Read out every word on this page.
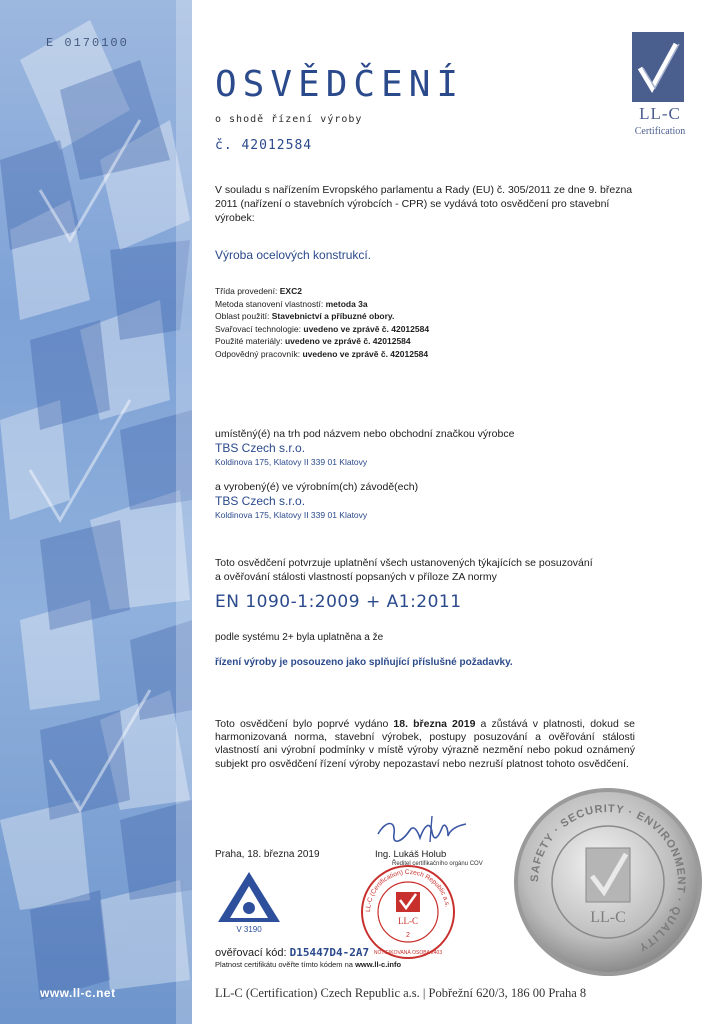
E 0170100
www.ll-c.net
LL-C
Certification
OSVĚDČENÍ
o shodě řízení výroby
č. 42012584
V souladu s nařízením Evropského parlamentu a Rady (EU) č. 305/2011 ze dne 9. března 2011 (nařízení o stavebních výrobcích - CPR) se vydává toto osvědčení pro stavební výrobek:
Výroba ocelových konstrukcí.
Třída provedení: EXC2
Metoda stanovení vlastností: metoda 3a
Oblast použití: Stavebnictví a příbuzné obory.
Svařovací technologie: uvedeno ve zprávě č. 42012584
Použité materiály: uvedeno ve zprávě č. 42012584
Odpovědný pracovník: uvedeno ve zprávě č. 42012584
umístěný(é) na trh pod názvem nebo obchodní značkou výrobce
TBS Czech s.r.o.
Koldinova 175, Klatovy II 339 01 Klatovy
a vyrobený(é) ve výrobním(ch) závodě(ech)
TBS Czech s.r.o.
Koldinova 175, Klatovy II 339 01 Klatovy
Toto osvědčení potvrzuje uplatnění všech ustanovených týkajících se posuzování
a ověřování stálosti vlastností popsaných v příloze ZA normy
EN 1090-1:2009 + A1:2011
podle systému 2+ byla uplatněna a že
řízení výroby je posouzeno jako splňující příslušné požadavky.
Toto osvědčení bylo poprvé vydáno 18. března 2019 a zůstává v platnosti, dokud se harmonizovaná norma, stavební výrobek, postupy posuzování a ověřování stálosti vlastností ani výrobní podmínky v místě výroby výrazně nezmění nebo pokud oznámený subjekt pro osvědčení řízení výroby nepozastaví nebo nezruší platnost tohoto osvědčení.
Praha, 18. března 2019	Ing. Lukáš Holub
Ředitel certifikačního orgánu COV
LL-C (Certification) Czech Republic a.s.
LL-C
2
NOTIFIKOVANÁ OSOBA 2403
SAFETY · SECURITY · ENVIRONMENT · QUALITY
LL-C
V 3190
ověřovací kód: D15447D4-2A7
Platnost certifikátu ověřte tímto kódem na www.ll-c.info
LL-C (Certification) Czech Republic a.s. | Pobřežní 620/3, 186 00 Praha 8
